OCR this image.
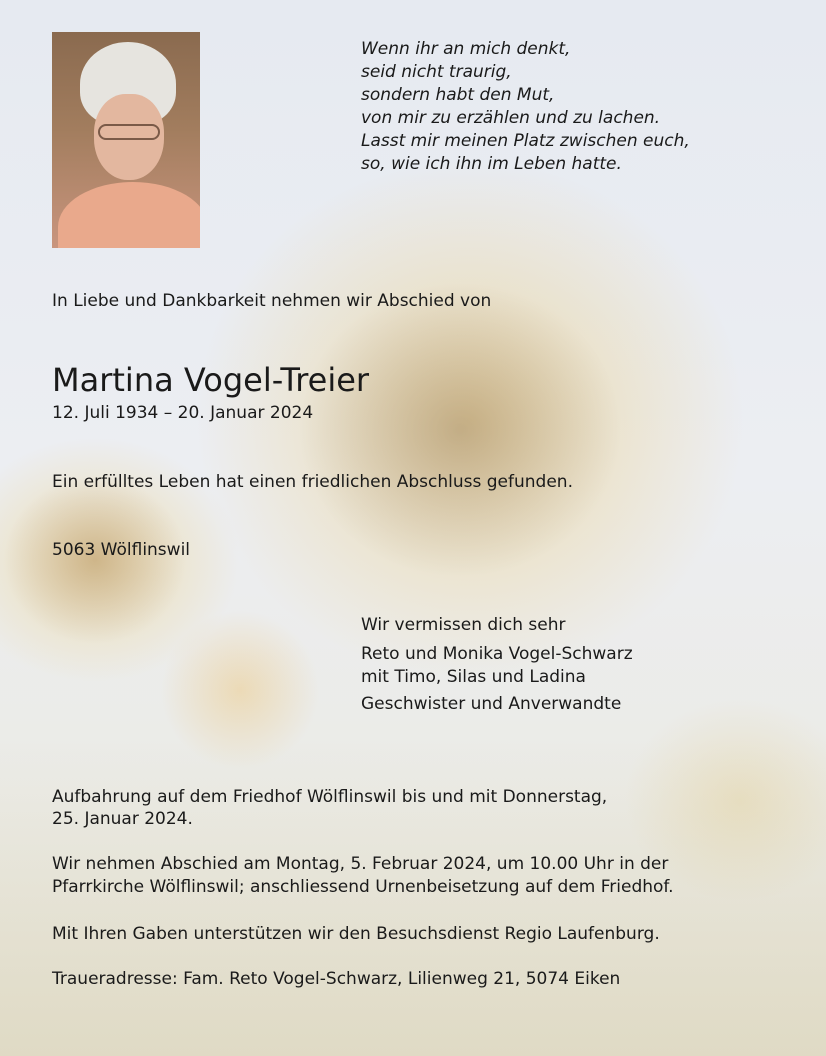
Wenn ihr an mich denkt,
seid nicht traurig,
sondern habt den Mut,
von mir zu erzählen und zu lachen.
Lasst mir meinen Platz zwischen euch,
so, wie ich ihn im Leben hatte.
In Liebe und Dankbarkeit nehmen wir Abschied von
Martina Vogel-Treier
12. Juli 1934 – 20. Januar 2024
Ein erfülltes Leben hat einen friedlichen Abschluss gefunden.
5063 Wölflinswil
Wir vermissen dich sehr
Reto und Monika Vogel-Schwarz
mit Timo, Silas und Ladina
Geschwister und Anverwandte
Aufbahrung auf dem Friedhof Wölflinswil bis und mit Donnerstag,
25. Januar 2024.
Wir nehmen Abschied am Montag, 5. Februar 2024, um 10.00 Uhr in der
Pfarrkirche Wölflinswil; anschliessend Urnenbeisetzung auf dem Friedhof.
Mit Ihren Gaben unterstützen wir den Besuchsdienst Regio Laufenburg.
Traueradresse: Fam. Reto Vogel-Schwarz, Lilienweg 21, 5074 Eiken
